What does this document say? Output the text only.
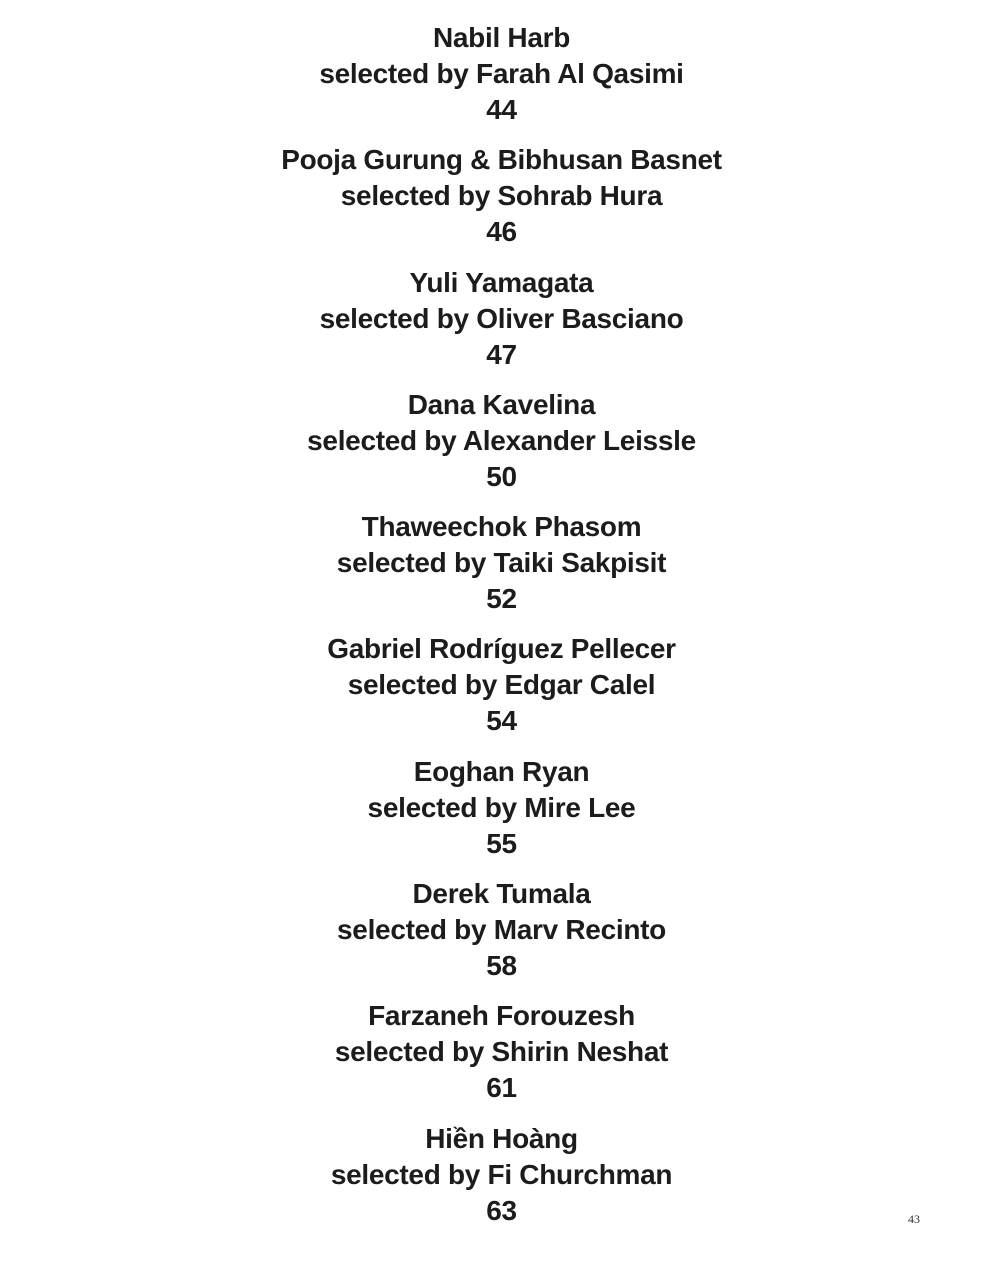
Nabil Harb
selected by Farah Al Qasimi
44
Pooja Gurung & Bibhusan Basnet
selected by Sohrab Hura
46
Yuli Yamagata
selected by Oliver Basciano
47
Dana Kavelina
selected by Alexander Leissle
50
Thaweechok Phasom
selected by Taiki Sakpisit
52
Gabriel Rodríguez Pellecer
selected by Edgar Calel
54
Eoghan Ryan
selected by Mire Lee
55
Derek Tumala
selected by Marv Recinto
58
Farzaneh Forouzesh
selected by Shirin Neshat
61
Hiền Hoàng
selected by Fi Churchman
63	43
